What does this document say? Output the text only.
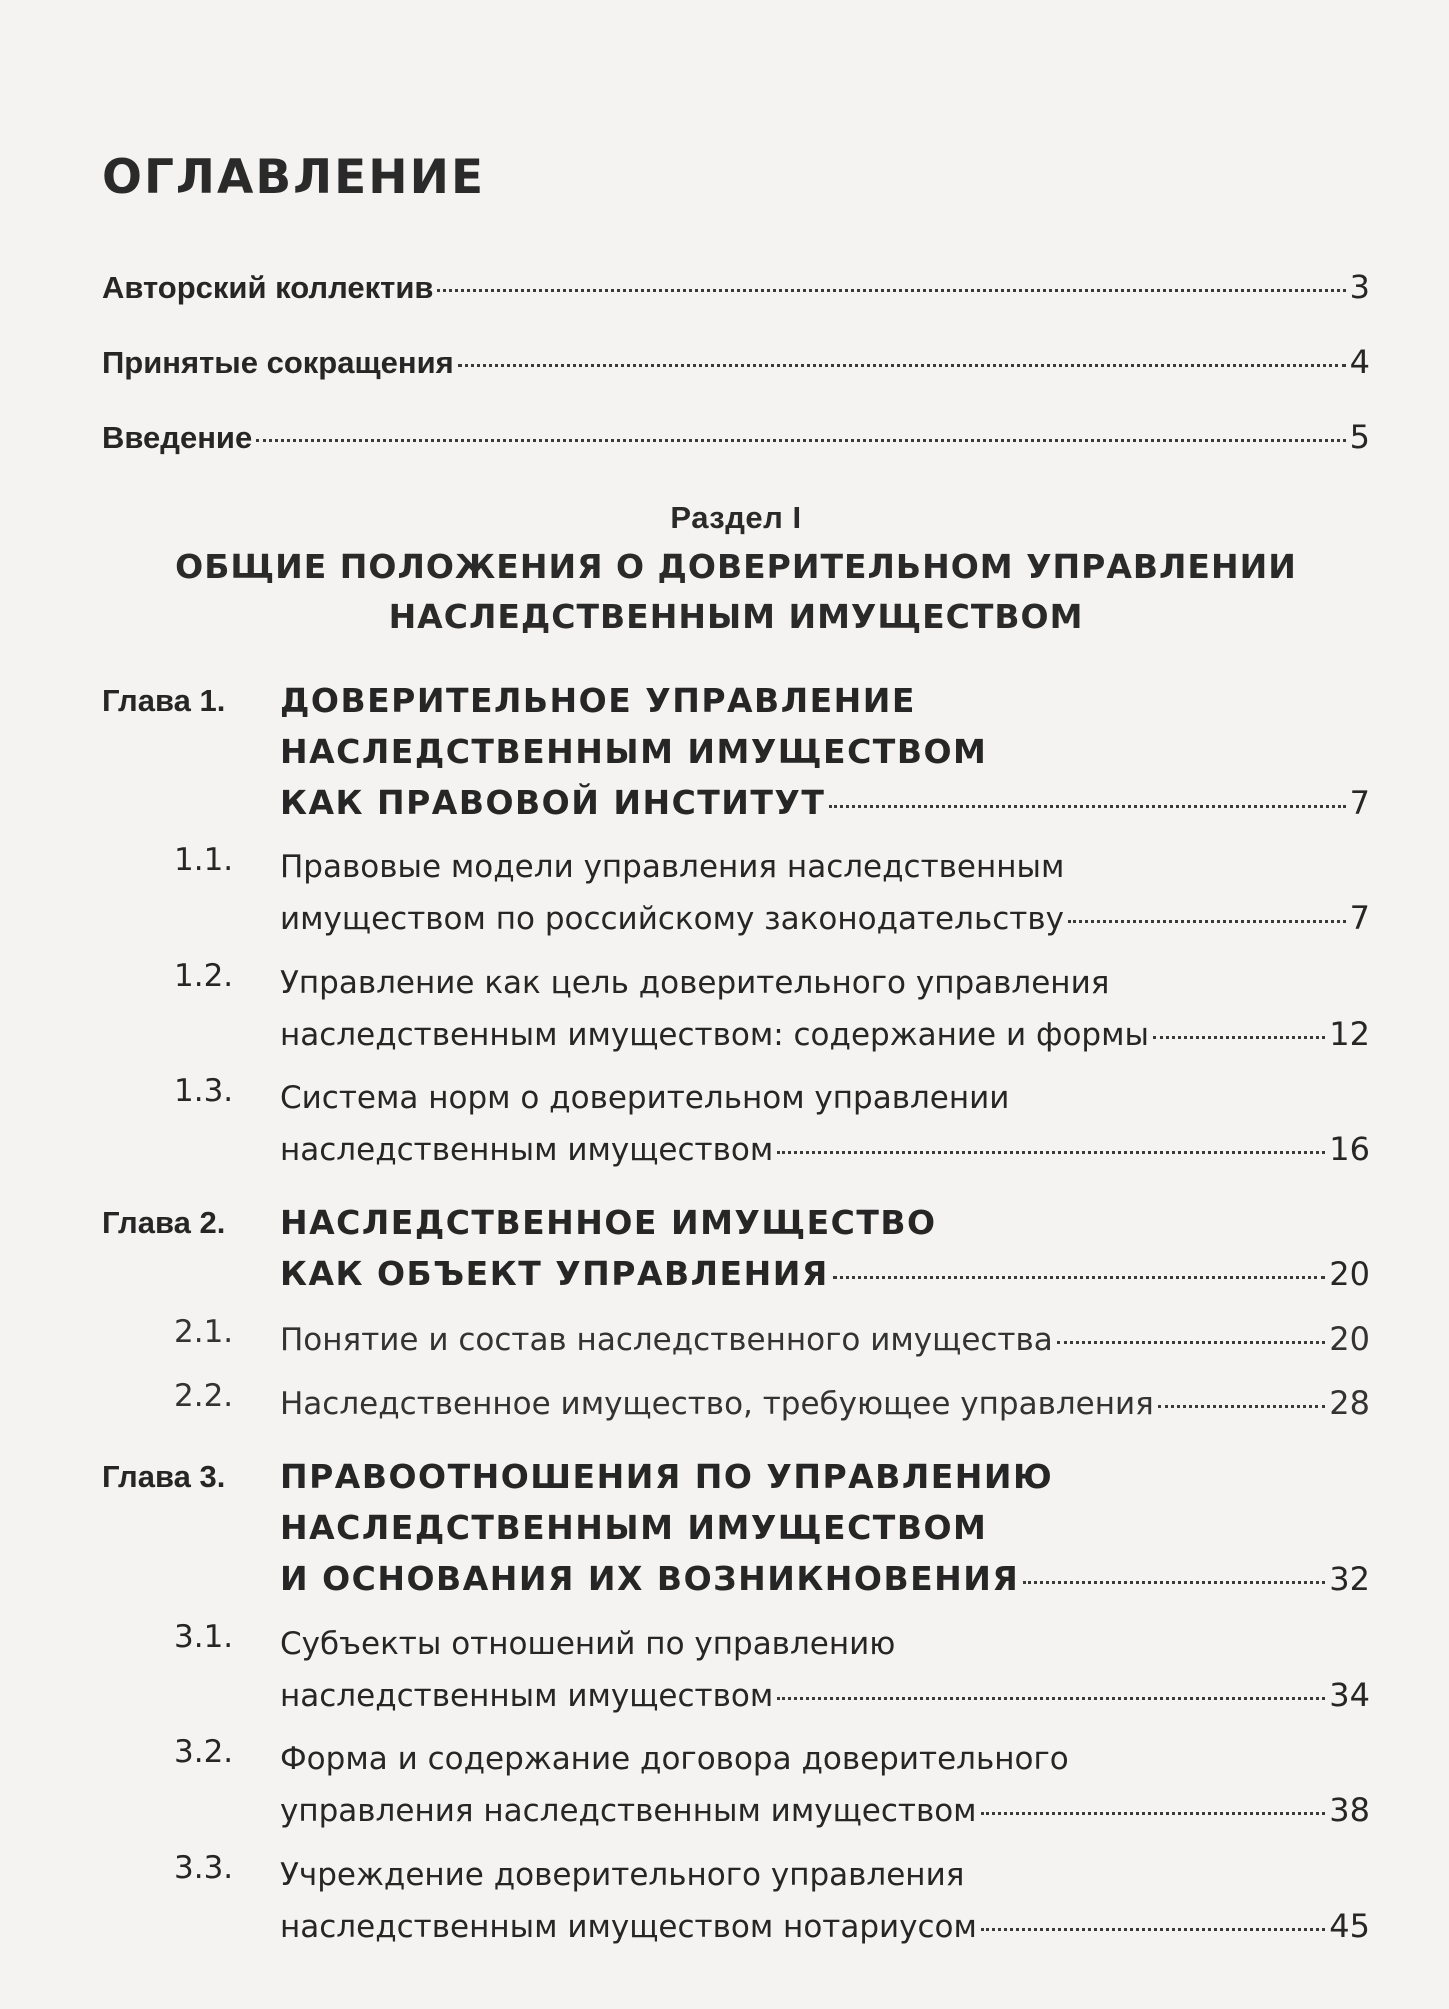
ОГЛАВЛЕНИЕ
Авторский коллектив	3
Принятые сокращения	4
Введение	5
Раздел I
ОБЩИЕ ПОЛОЖЕНИЯ О ДОВЕРИТЕЛЬНОМ УПРАВЛЕНИИ
НАСЛЕДСТВЕННЫМ ИМУЩЕСТВОМ
Глава 1. ДОВЕРИТЕЛЬНОЕ УПРАВЛЕНИЕ
НАСЛЕДСТВЕННЫМ ИМУЩЕСТВОМ
КАК ПРАВОВОЙ ИНСТИТУТ	7
1.1. Правовые модели управления наследственным
имуществом по российскому законодательству	7
1.2. Управление как цель доверительного управления
наследственным имуществом: содержание и формы	12
1.3. Система норм о доверительном управлении
наследственным имуществом	16
Глава 2. НАСЛЕДСТВЕННОЕ ИМУЩЕСТВО
КАК ОБЪЕКТ УПРАВЛЕНИЯ	20
2.1. Понятие и состав наследственного имущества	20
2.2. Наследственное имущество, требующее управления	28
Глава 3. ПРАВООТНОШЕНИЯ ПО УПРАВЛЕНИЮ
НАСЛЕДСТВЕННЫМ ИМУЩЕСТВОМ
И ОСНОВАНИЯ ИХ ВОЗНИКНОВЕНИЯ	32
3.1. Субъекты отношений по управлению
наследственным имуществом	34
3.2. Форма и содержание договора доверительного
управления наследственным имуществом	38
3.3. Учреждение доверительного управления
наследственным имуществом нотариусом	45
